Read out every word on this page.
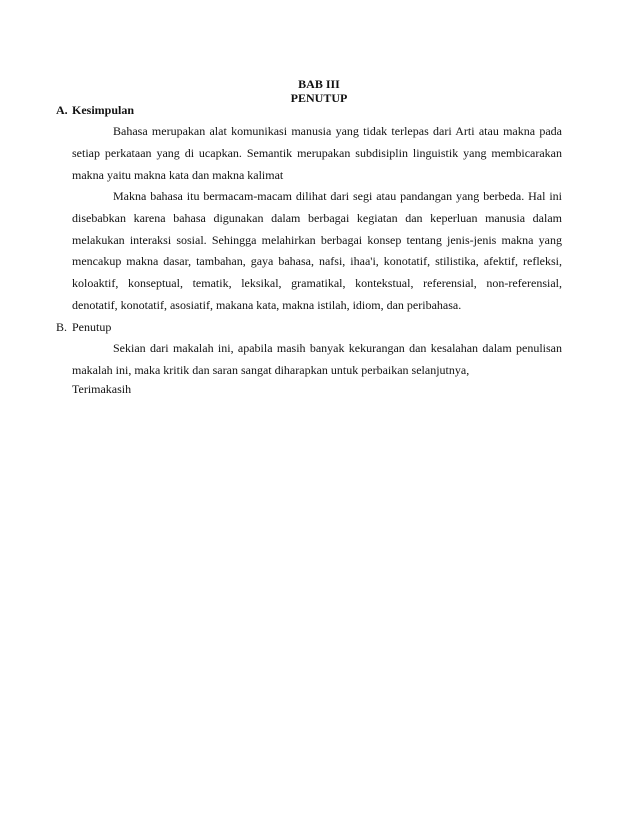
BAB III
PENUTUP
A. Kesimpulan

Bahasa merupakan alat komunikasi manusia yang tidak terlepas dari Arti atau makna pada setiap perkataan yang di ucapkan. Semantik merupakan subdisiplin linguistik yang membicarakan makna yaitu makna kata dan makna kalimat

Makna bahasa itu bermacam-macam dilihat dari segi atau pandangan yang berbeda. Hal ini disebabkan karena bahasa digunakan dalam berbagai kegiatan dan keperluan manusia dalam melakukan interaksi sosial. Sehingga melahirkan berbagai konsep tentang jenis-jenis makna yang mencakup makna dasar, tambahan, gaya bahasa, nafsi, ihaa'i, konotatif, stilistika, afektif, refleksi, koloaktif, konseptual, tematik, leksikal, gramatikal, kontekstual, referensial, non-referensial, denotatif, konotatif, asosiatif, makana kata, makna istilah, idiom, dan peribahasa.

B. Penutup

Sekian dari makalah ini, apabila masih banyak kekurangan dan kesalahan dalam penulisan makalah ini, maka kritik dan saran sangat diharapkan untuk perbaikan selanjutnya,

Terimakasih
